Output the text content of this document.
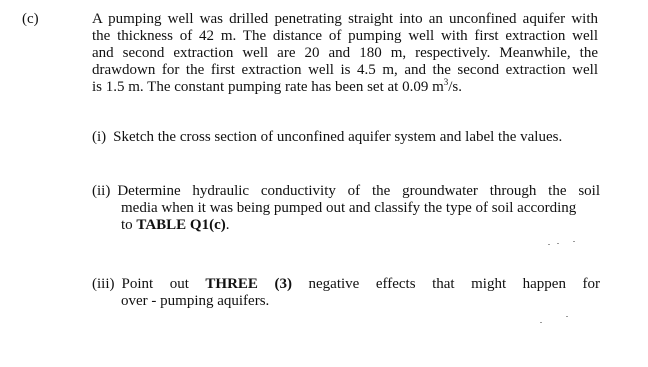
(c)	A pumping well was drilled penetrating straight into an unconfined aquifer with
the thickness of 42 m. The distance of pumping well with first extraction well
and second extraction well are 20 and 180 m, respectively. Meanwhile, the
drawdown for the first extraction well is 4.5 m, and the second extraction well
is 1.5 m. The constant pumping rate has been set at 0.09 $m^3/s$.
(i) Sketch the cross section of unconfined aquifer system and label the values.
(ii) Determine hydraulic conductivity of the groundwater through the soil
media when it was being pumped out and classify the type of soil according
to TABLE Q1(c).
(iii) Point out THREE (3) negative effects that might happen for
over - pumping aquifers.
